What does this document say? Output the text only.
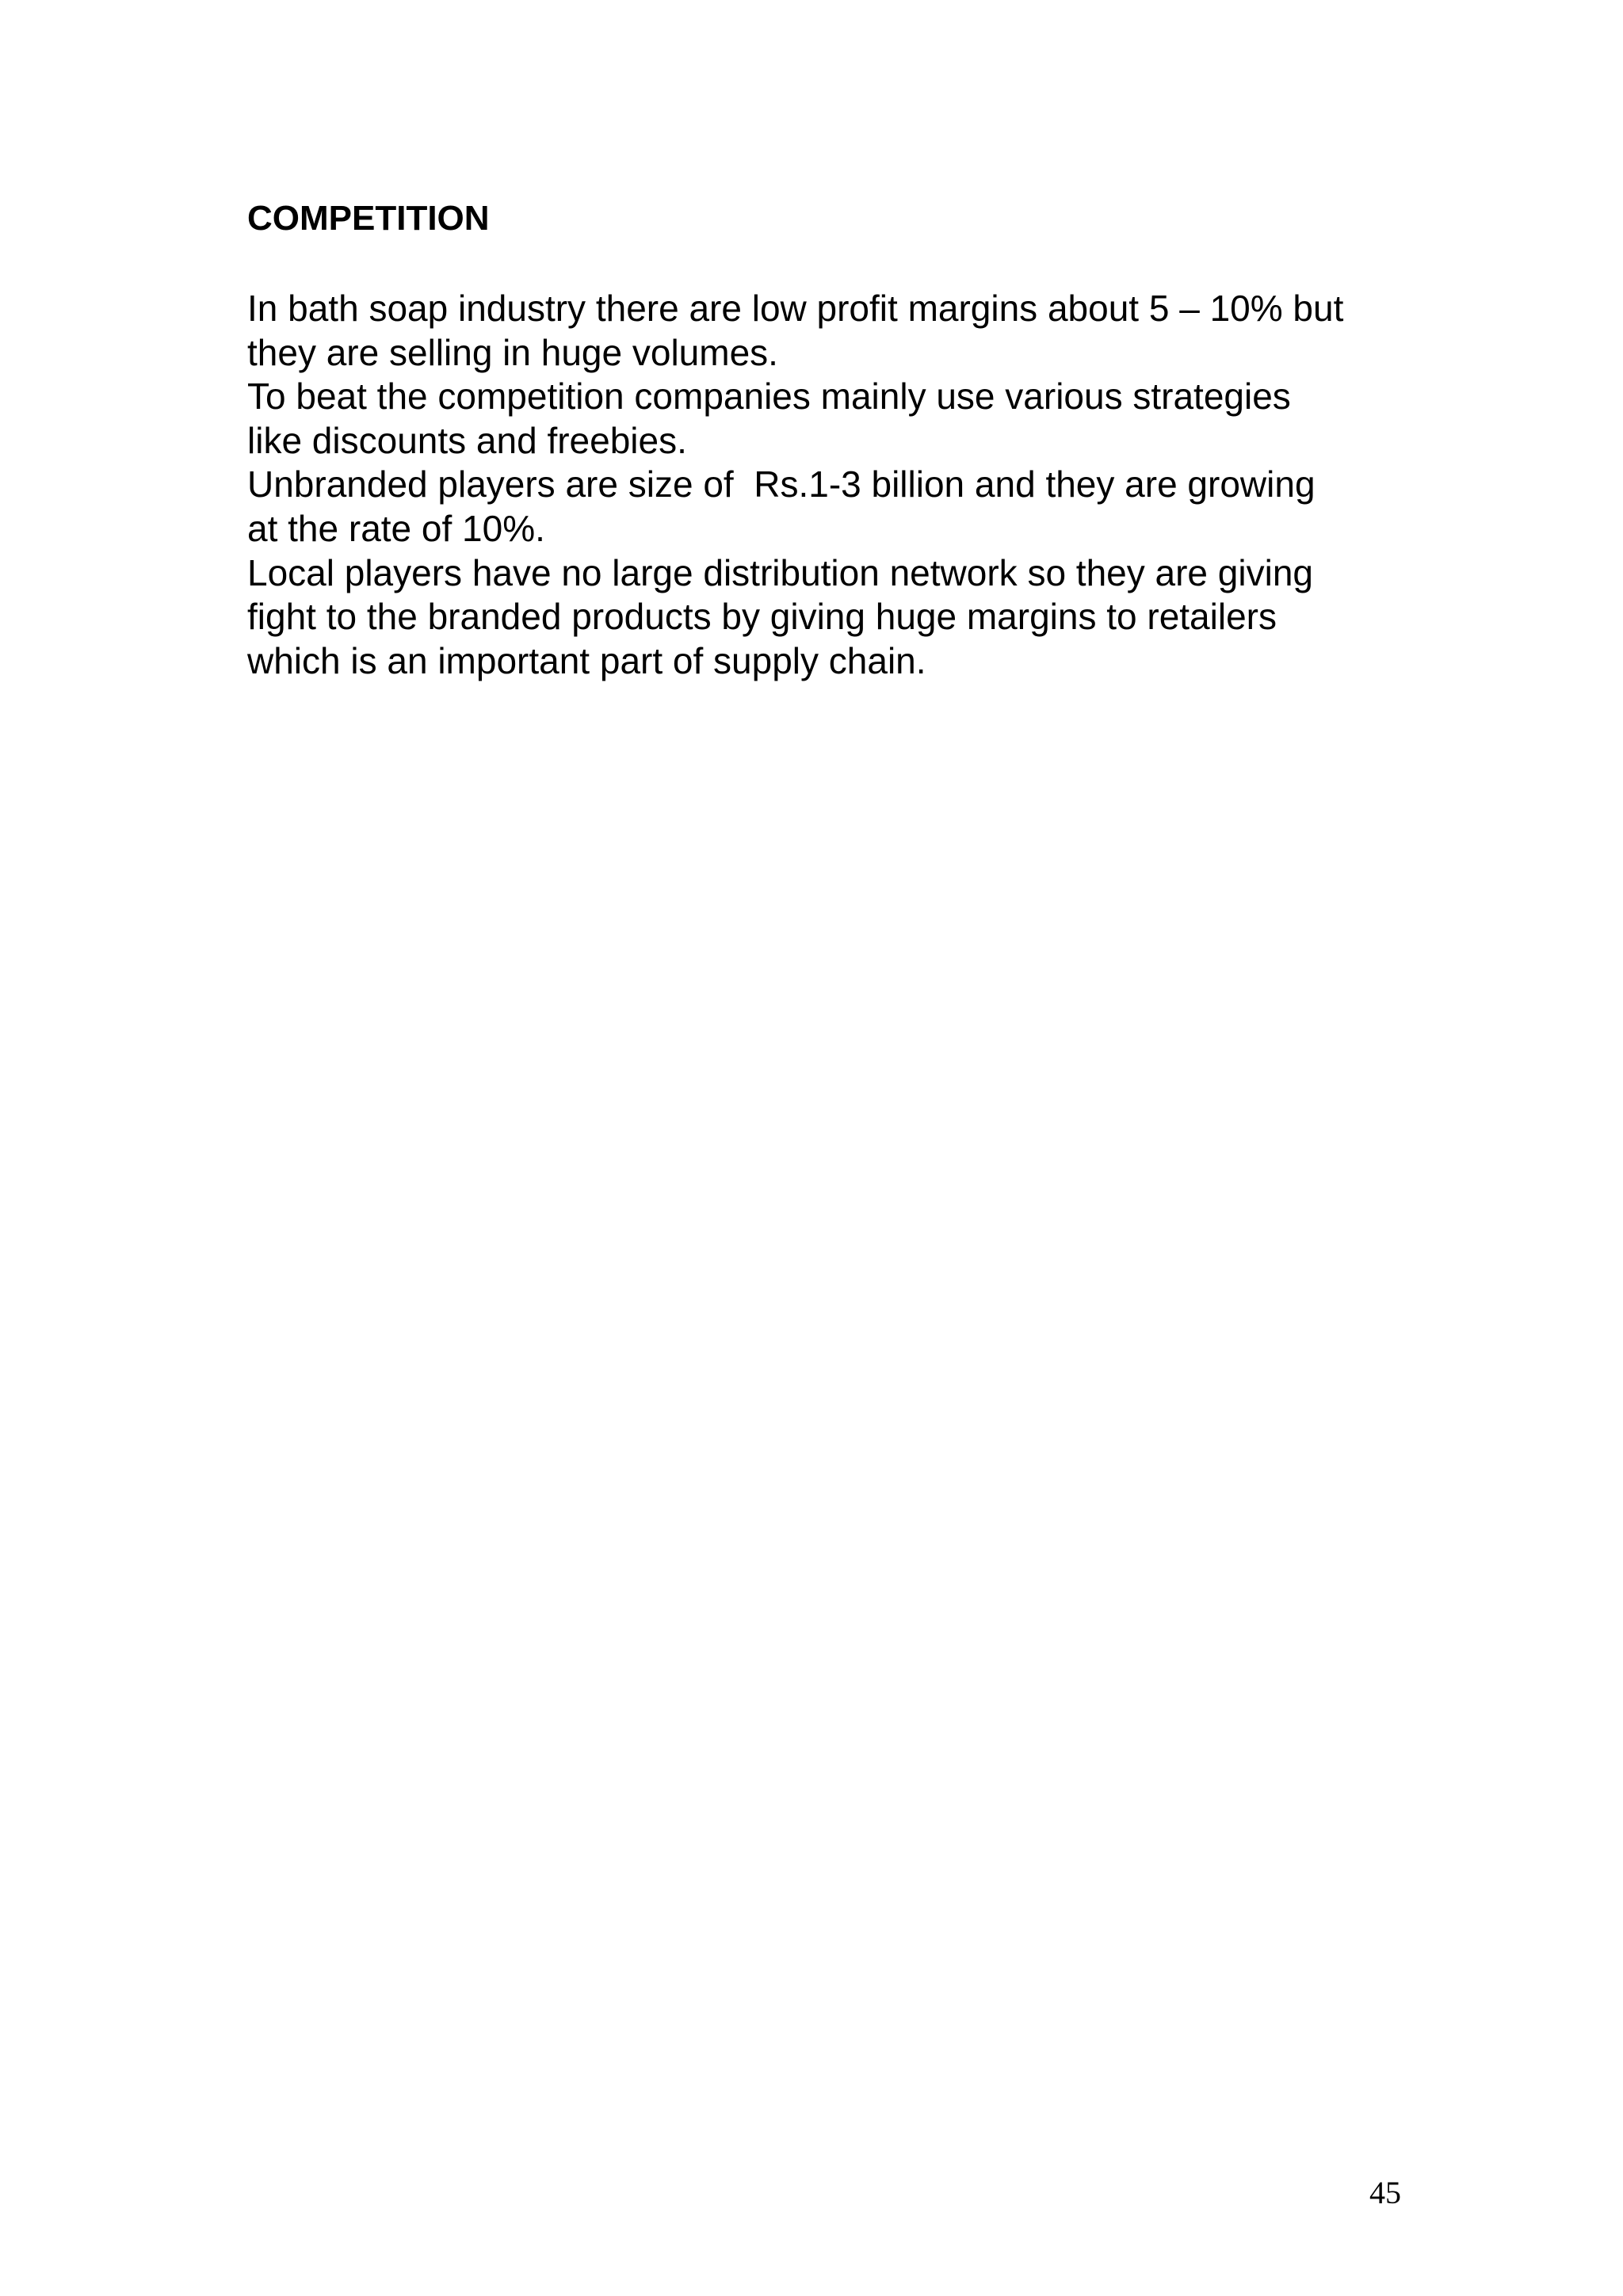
COMPETITION
In bath soap industry there are low profit margins about 5 – 10% but
they are selling in huge volumes.
To beat the competition companies mainly use various strategies
like discounts and freebies.
Unbranded players are size of  Rs.1-3 billion and they are growing
at the rate of 10%.
Local players have no large distribution network so they are giving
fight to the branded products by giving huge margins to retailers
which is an important part of supply chain.
45
